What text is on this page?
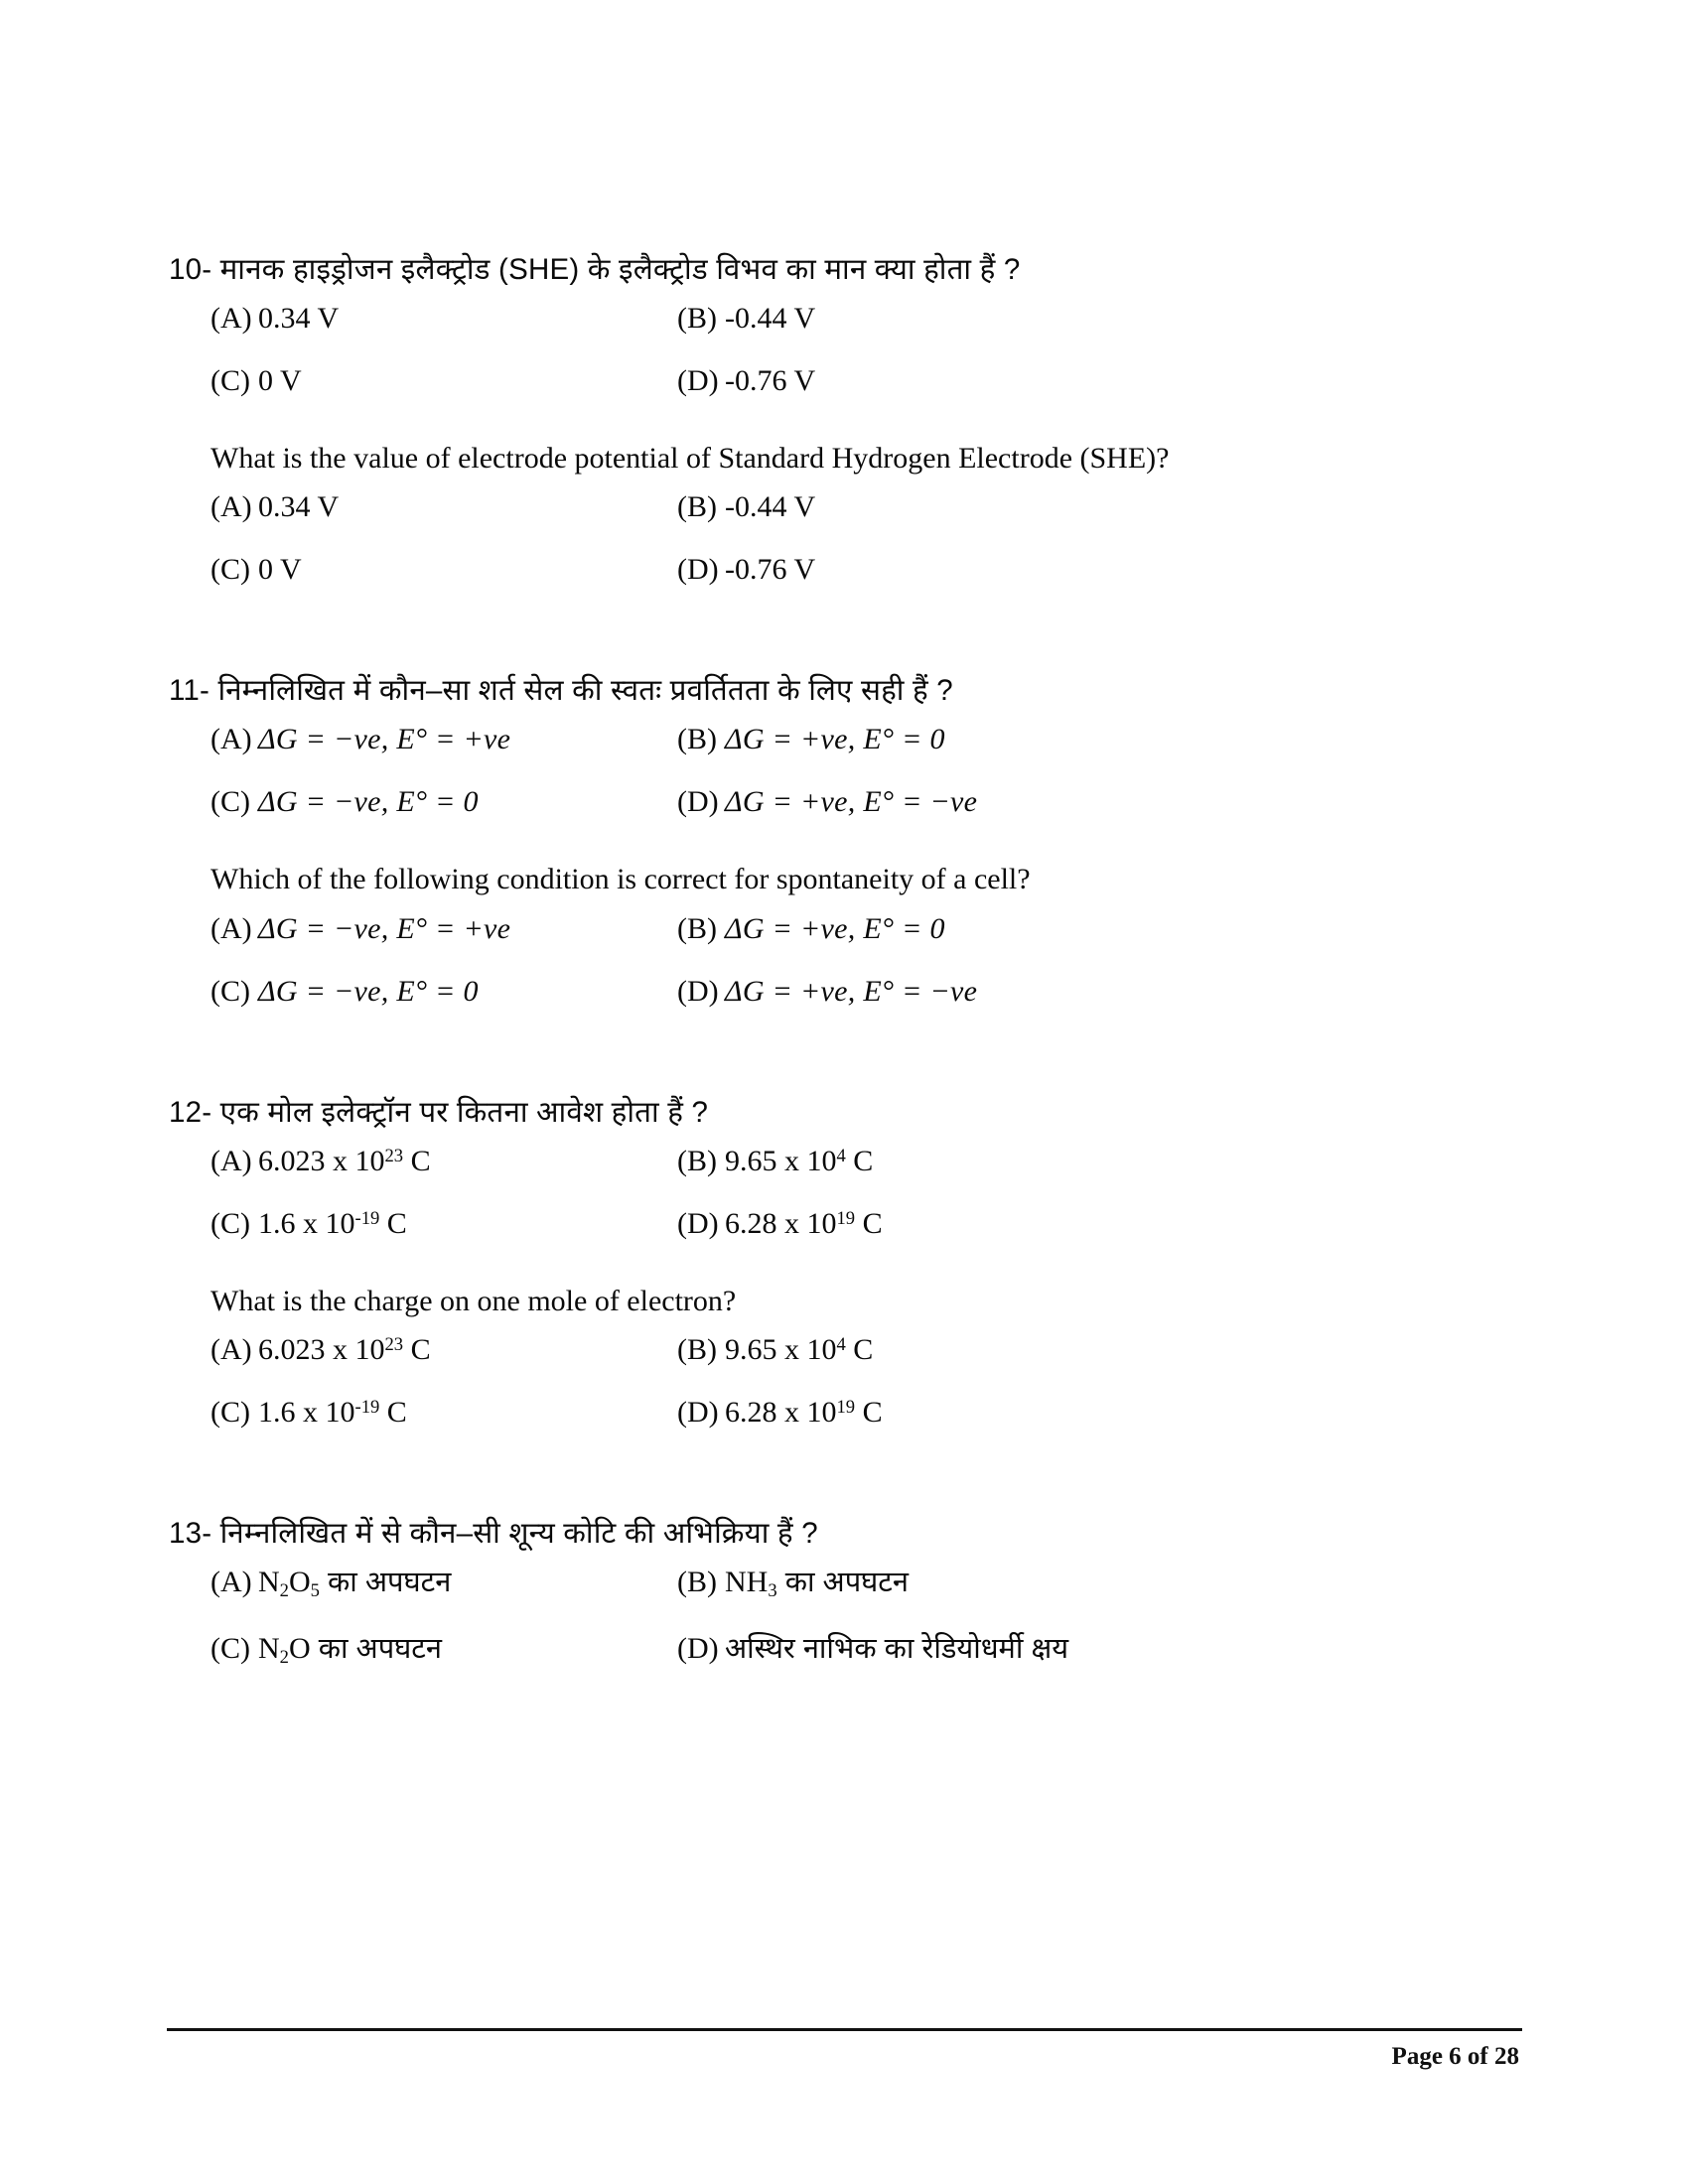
10- मानक हाइड्रोजन इलैक्ट्रोड (SHE) के इलैक्ट्रोड विभव का मान क्या होता हैं ?
(A) 0.34 V	(B) -0.44 V
(C) 0 V	(D) -0.76 V
What is the value of electrode potential of Standard Hydrogen Electrode (SHE)?
(A) 0.34 V	(B) -0.44 V
(C) 0 V	(D) -0.76 V
11- निम्नलिखित में कौन–सा शर्त सेल की स्वतः प्रवर्तितता के लिए सही हैं ?
(A) ΔG = −ve, E° = +ve	(B) ΔG = +ve, E° = 0
(C) ΔG = −ve, E° = 0	(D) ΔG = +ve, E° = −ve
Which of the following condition is correct for spontaneity of a cell?
(A) ΔG = −ve, E° = +ve	(B) ΔG = +ve, E° = 0
(C) ΔG = −ve, E° = 0	(D) ΔG = +ve, E° = −ve
12- एक मोल इलेक्ट्रॉन पर कितना आवेश होता हैं ?
(A) 6.023 x $10^{23}$ C	(B) 9.65 x $10^4$ C
(C) 1.6 x $10^{-19}$ C	(D) 6.28 x $10^{19}$ C
What is the charge on one mole of electron?
(A) 6.023 x $10^{23}$ C	(B) 9.65 x $10^4$ C
(C) 1.6 x $10^{-19}$ C	(D) 6.28 x $10^{19}$ C
13- निम्नलिखित में से कौन–सी शून्य कोटि की अभिक्रिया हैं ?
(A) $N_2O_5$ का अपघटन	(B) $NH_3$ का अपघटन
(C) $N_2O$ का अपघटन	(D) अस्थिर नाभिक का रेडियोधर्मी क्षय
Page 6 of 28
